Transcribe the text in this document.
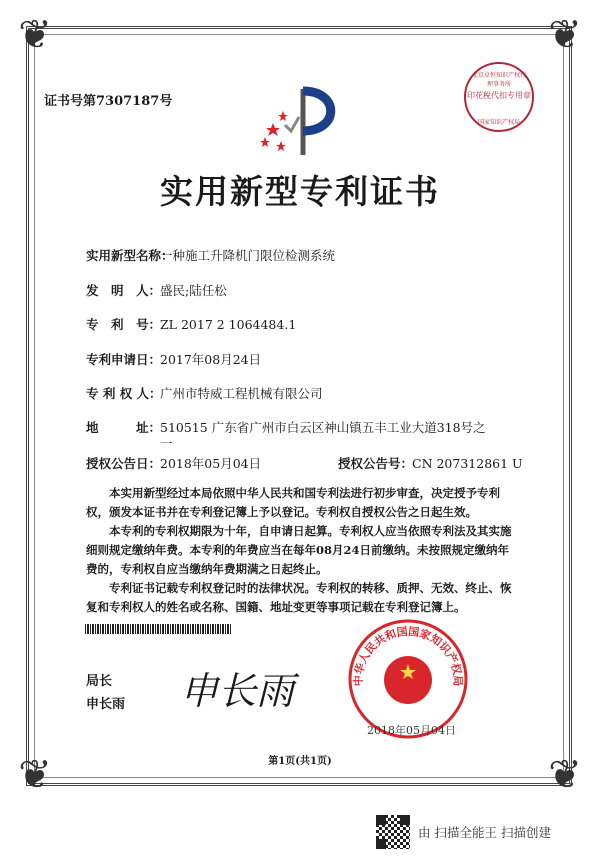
❦	❦
❦	❦
证书号第7307187号
北京卓恒知识产权代理事务所
印花税代扣专用章
国家知识产权局
实用新型专利证书
实用新型名称：一种施工升降机门限位检测系统
发　明　人：盛民;陆任松
专　利　号：ZL 2017 2 1064484.1
专利申请日：2017年08月24日
专 利 权 人：广州市特威工程机械有限公司
地　　　址：510515 广东省广州市白云区神山镇五丰工业大道318号之
一
授权公告日：2018年05月04日	授权公告号：CN 207312861 U

本实用新型经过本局依照中华人民共和国专利法进行初步审查，决定授予专利权，颁发本证书并在专利登记簿上予以登记。专利权自授权公告之日起生效。

本专利的专利权期限为十年，自申请日起算。专利权人应当依照专利法及其实施细则规定缴纳年费。本专利的年费应当在每年08月24日前缴纳。未按照规定缴纳年费的，专利权自应当缴纳年费期满之日起终止。

专利证书记载专利权登记时的法律状况。专利权的转移、质押、无效、终止、恢复和专利权人的姓名或名称、国籍、地址变更等事项记载在专利登记簿上。

局长
申长雨 申长雨	中华人民共和国国家知识产权局
2018年05月04日
第1页(共1页)
由 扫描全能王 扫描创建
